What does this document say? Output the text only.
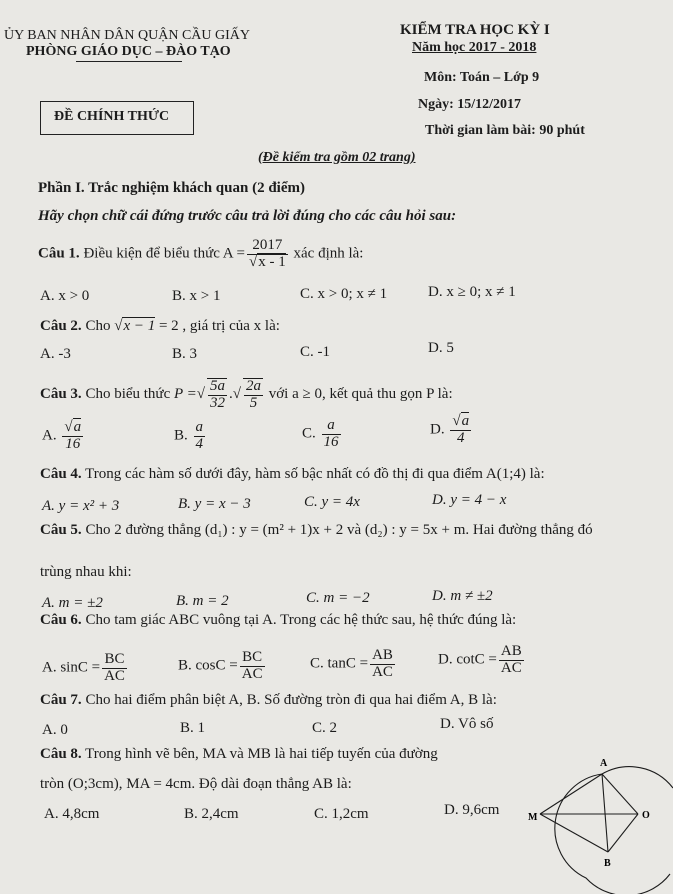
ỦY BAN NHÂN DÂN QUẬN CẦU GIẤY
PHÒNG GIÁO DỤC – ĐÀO TẠO
KIỂM TRA HỌC KỲ I
Năm học 2017 - 2018
Môn: Toán – Lớp 9
Ngày: 15/12/2017
Thời gian làm bài: 90 phút
ĐỀ CHÍNH THỨC
(Đề kiểm tra gồm 02 trang)
Phần I. Trắc nghiệm khách quan (2 điểm)
Hãy chọn chữ cái đứng trước câu trả lời đúng cho các câu hỏi sau:
Câu 1. Điều kiện để biểu thức $A = \frac{2017}{√x - 1}$ xác định là:
A. x > 0	B. x > 1	C. x > 0; x ≠ 1	D. x ≥ 0; x ≠ 1
Câu 2. Cho √x − 1 = 2 , giá trị của x là:
A. -3	B. 3	C. -1	D. 5
Câu 3. Cho biểu thức P =√ $\frac{5a}{32}$ .√ $\frac{2a}{5}$ với a ≥ 0, kết quả thu gọn P là:
A. $\frac{√a}{16}$	B. $\frac{a}{4}$	C. $\frac{a}{16}$	D. $\frac{√a}{4}$
Câu 4. Trong các hàm số dưới đây, hàm số bậc nhất có đồ thị đi qua điểm A(1;4) là:
A. y = x² + 3	B. y = x − 3	C. y = 4x	D. y = 4 − x
Câu 5. Cho 2 đường thẳng (d₁) : y = (m² + 1)x + 2 và (d₂) : y = 5x + m. Hai đường thẳng đó
trùng nhau khi:
A. m = ±2	B. m = 2	C. m = −2	D. m ≠ ±2
Câu 6. Cho tam giác ABC vuông tại A. Trong các hệ thức sau, hệ thức đúng là:
A. $\sin C = \frac{BC}{AC}$	B. $\cos C = \frac{BC}{AC}$	C. $\tan C = \frac{AB}{AC}$	D. $\cot C = \frac{AB}{AC}$
Câu 7. Cho hai điểm phân biệt A, B. Số đường tròn đi qua hai điểm A, B là:
A. 0	B. 1	C. 2	D. Vô số
Câu 8. Trong hình vẽ bên, MA và MB là hai tiếp tuyến của đường
tròn (O;3cm), MA = 4cm. Độ dài đoạn thẳng AB là:
A. 4,8cm	B. 2,4cm	C. 1,2cm	D. 9,6cm
A
M	O
B
